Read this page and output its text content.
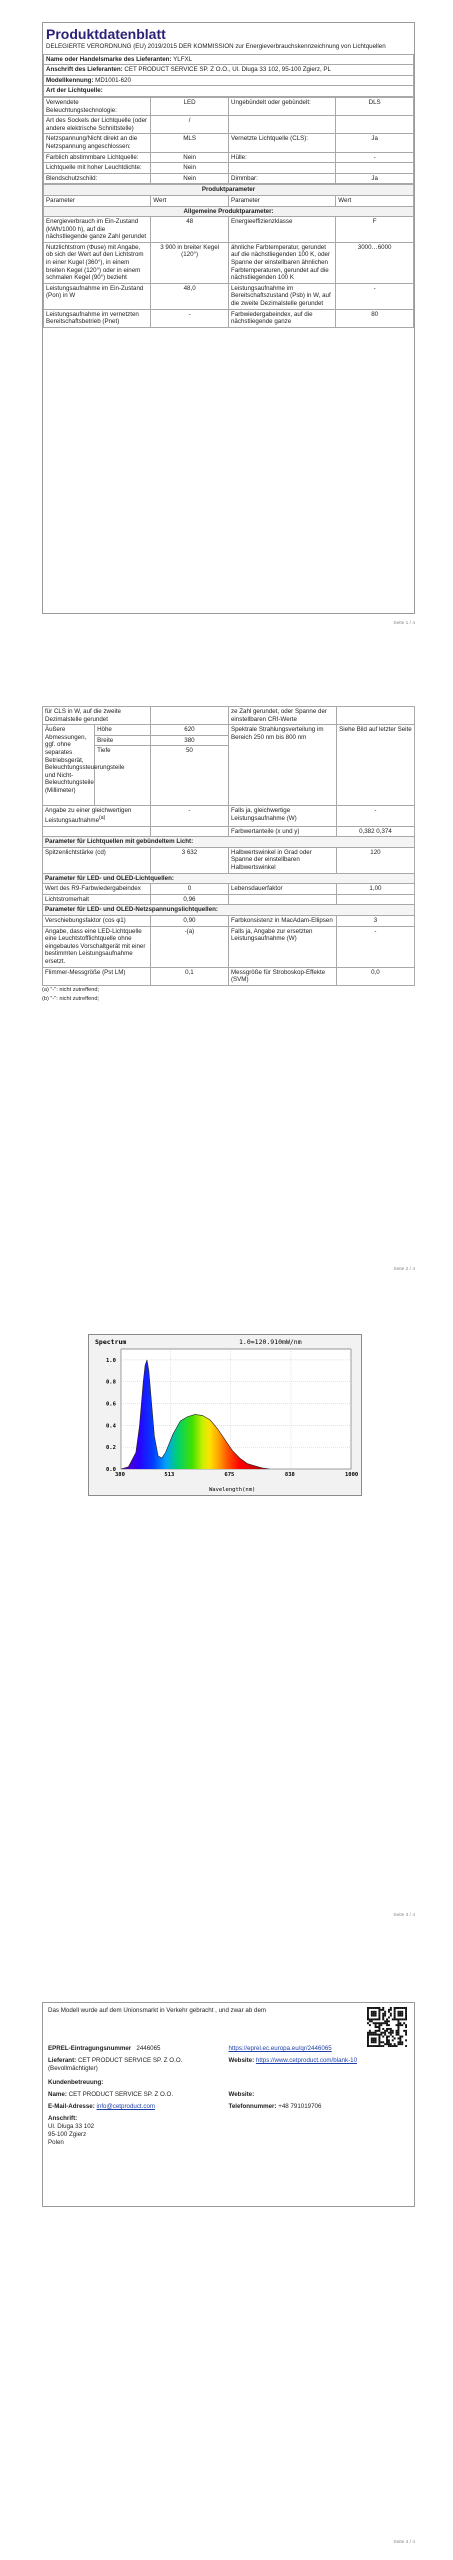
Produktdatenblatt
DELEGIERTE VERORDNUNG (EU) 2019/2015 DER KOMMISSION zur Energieverbrauchskennzeichnung von Lichtquellen
Name oder Handelsmarke des Lieferanten: YLFXL
Anschrift des Lieferanten: CET PRODUCT SERVICE SP. Z O.O., Ul. Dluga 33 102, 95-100 Zgierz, PL
Modellkennung: MD1001-620
Art der Lichtquelle:
Verwendete Beleuchtungstechnologie:	LED	Ungebündelt oder gebündelt:	DLS
Art des Sockels der Lichtquelle (oder andere elektrische Schnittstelle)	/		
Netzspannung/Nicht direkt an die Netzspannung angeschlossen:	MLS	Vernetzte Lichtquelle (CLS):	Ja
Farblich abstimmbare Lichtquelle:	Nein	Hülle:	-
Lichtquelle mit hoher Leuchtdichte:	Nein		
Blendschutzschild:	Nein	Dimmbar:	Ja
Produktparameter			
Parameter	Wert	Parameter	Wert
Allgemeine Produktparameter:			
Energieverbrauch im Ein-Zustand (kWh/1000 h), auf die nächstliegende ganze Zahl gerundet	48	Energieeffizienzklasse	F
Nutzlichtstrom (Φuse) mit Angabe, ob sich der Wert auf den Lichtstrom in einer Kugel (360°), in einem breiten Kegel (120°) oder in einem schmalen Kegel (90°) bezieht	3 900 in breiter Kegel (120°)	ähnliche Farbtemperatur, gerundet auf die nächstliegenden 100 K, oder Spanne der einstellbaren ähnlichen Farbtemperaturen, gerundet auf die nächstliegenden 100 K	3000…6000
Leistungsaufnahme im Ein-Zustand (Pon) in W	48,0	Leistungsaufnahme im Bereitschaftszustand (Psb) in W, auf die zweite Dezimalstelle gerundet	-
Leistungsaufnahme im vernetzten Bereitschaftsbetrieb (Pnet)	-	Farbwiedergabeindex, auf die nächstliegende ganze	80
Seite 1 / 4
für CLS in W, auf die zweite Dezimalstelle gerundet			ze Zahl gerundet, oder Spanne der einstellbaren CRI-Werte	
Äußere Abmessungen, ggf. ohne separates Betriebsgerät, Beleuchtungssteuerungsteile und Nicht-Beleuchtungsteile (Millimeter)	Höhe	620	Spektrale Strahlungsverteilung im Bereich 250 nm bis 800 nm	Siehe Bild auf letzter Seite
	Breite	380		
	Tiefe	50		
Angabe zu einer gleichwertigen Leistungsaufnahme$^{(a)}$		-	Falls ja, gleichwertige Leistungsaufnahme (W)	-
			Farbwertanteile (x und y)	0,382 0,374
Parameter für Lichtquellen mit gebündeltem Licht:				
Spitzenlichtstärke (cd)		3 632	Halbwertswinkel in Grad oder Spanne der einstellbaren Halbwertswinkel	120
Parameter für LED- und OLED-Lichtquellen:				
Wert des R9-Farbwiedergabeindex		0	Lebensdauerfaktor	1,00
Lichtstromerhalt		0,96		
Parameter für LED- und OLED-Netzspannungslichtquellen:				
Verschiebungsfaktor (cos φ1)		0,90	Farbkonsistenz in MacAdam-Ellipsen	3
Angabe, dass eine LED-Lichtquelle eine Leuchtstofflichtquelle ohne eingebautes Vorschaltgerät mit einer bestimmten Leistungsaufnahme ersetzt.		-(a)	Falls ja, Angabe zur ersetzten Leistungsaufnahme (W)	-
Flimmer-Messgröße (Pst LM)		0,1	Messgröße für Stroboskop-Effekte (SVM)	0,0
(a) "-": nicht zutreffend;
(b) "-": nicht zutreffend;
Seite 2 / 4
0.0
0.2
0.4
0.6
0.8
1.0
380	513	675	838	1000
Spectrum	1.0=120.910mW/nm
Wavelength(nm)
Seite 3 / 4
Das Modell wurde auf dem Unionsmarkt in Verkehr gebracht , und zwar ab dem
EPREL-Eintragungsnummer 2446065	https://eprel.ec.europa.eu/qr/2446065
Lieferant: CET PRODUCT SERVICE SP. Z O.O. (Bevollmächtigter)
Website: https://www.cetproduct.com/blank-10
Kundenbetreuung:
Name: CET PRODUCT SERVICE SP. Z O.O.	Website:
E-Mail-Adresse: info@cetproduct.com	Telefonnummer: +48 791019706
Anschrift:
Ul. Dluga 33 102
95-100 Zgierz
Polen
Seite 4 / 4
